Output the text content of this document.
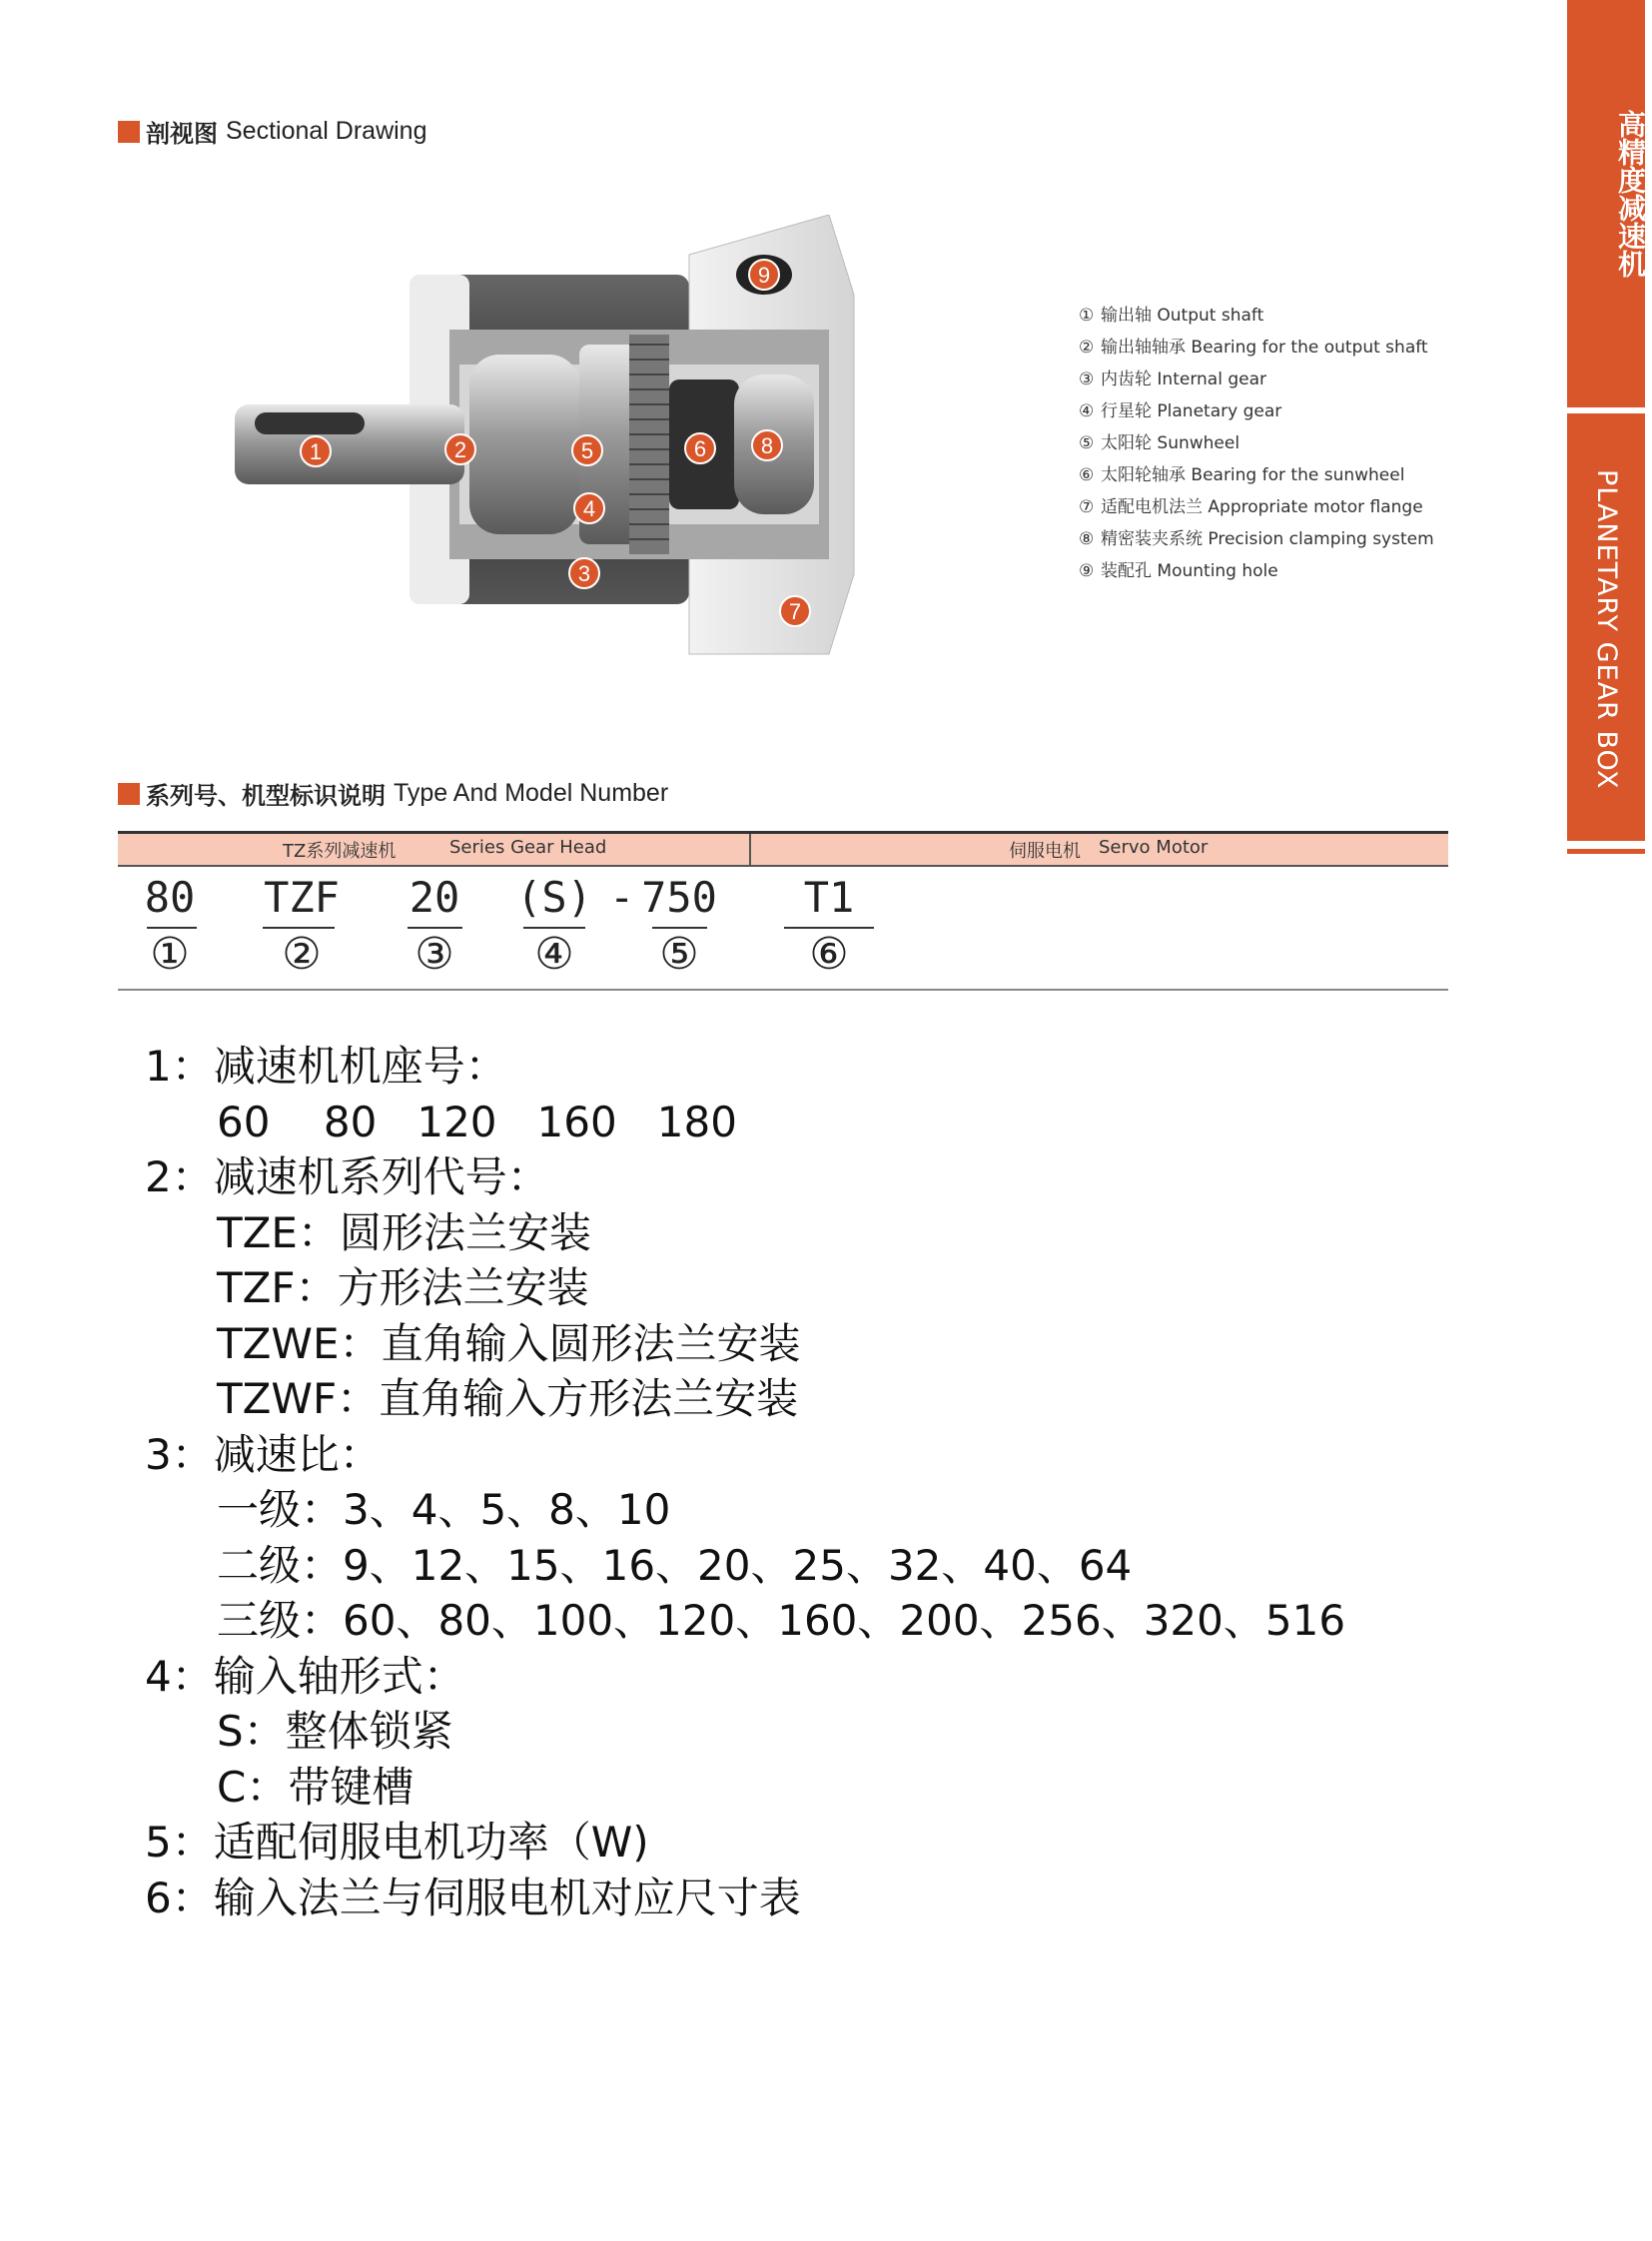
高精度减速机
PLANETARY GEAR BOX
剖视图 Sectional Drawing
1	2
3
4
5	6
7
8
9
① 输出轴 Output shaft
② 输出轴轴承 Bearing for the output shaft
③ 内齿轮 Internal gear
④ 行星轮 Planetary gear
⑤ 太阳轮 Sunwheel
⑥ 太阳轮轴承 Bearing for the sunwheel
⑦ 适配电机法兰 Appropriate motor flange
⑧ 精密装夹系统 Precision clamping system
⑨ 装配孔 Mounting hole
系列号、机型标识说明 Type And Model Number
TZ系列减速机	Series Gear Head	伺服电机 Servo Motor
80	TZF	20	(S) - 750	T1
①	②	③	④	⑤	⑥
1：减速机机座号：
60    80   120   160   180
2：减速机系列代号：
TZE：圆形法兰安装
TZF：方形法兰安装
TZWE：直角输入圆形法兰安装
TZWF：直角输入方形法兰安装
3：减速比：
一级：3、4、5、8、10
二级：9、12、15、16、20、25、32、40、64
三级：60、80、100、120、160、200、256、320、516
4：输入轴形式：
S：整体锁紧
C：带键槽
5：适配伺服电机功率（W)
6：输入法兰与伺服电机对应尺寸表
